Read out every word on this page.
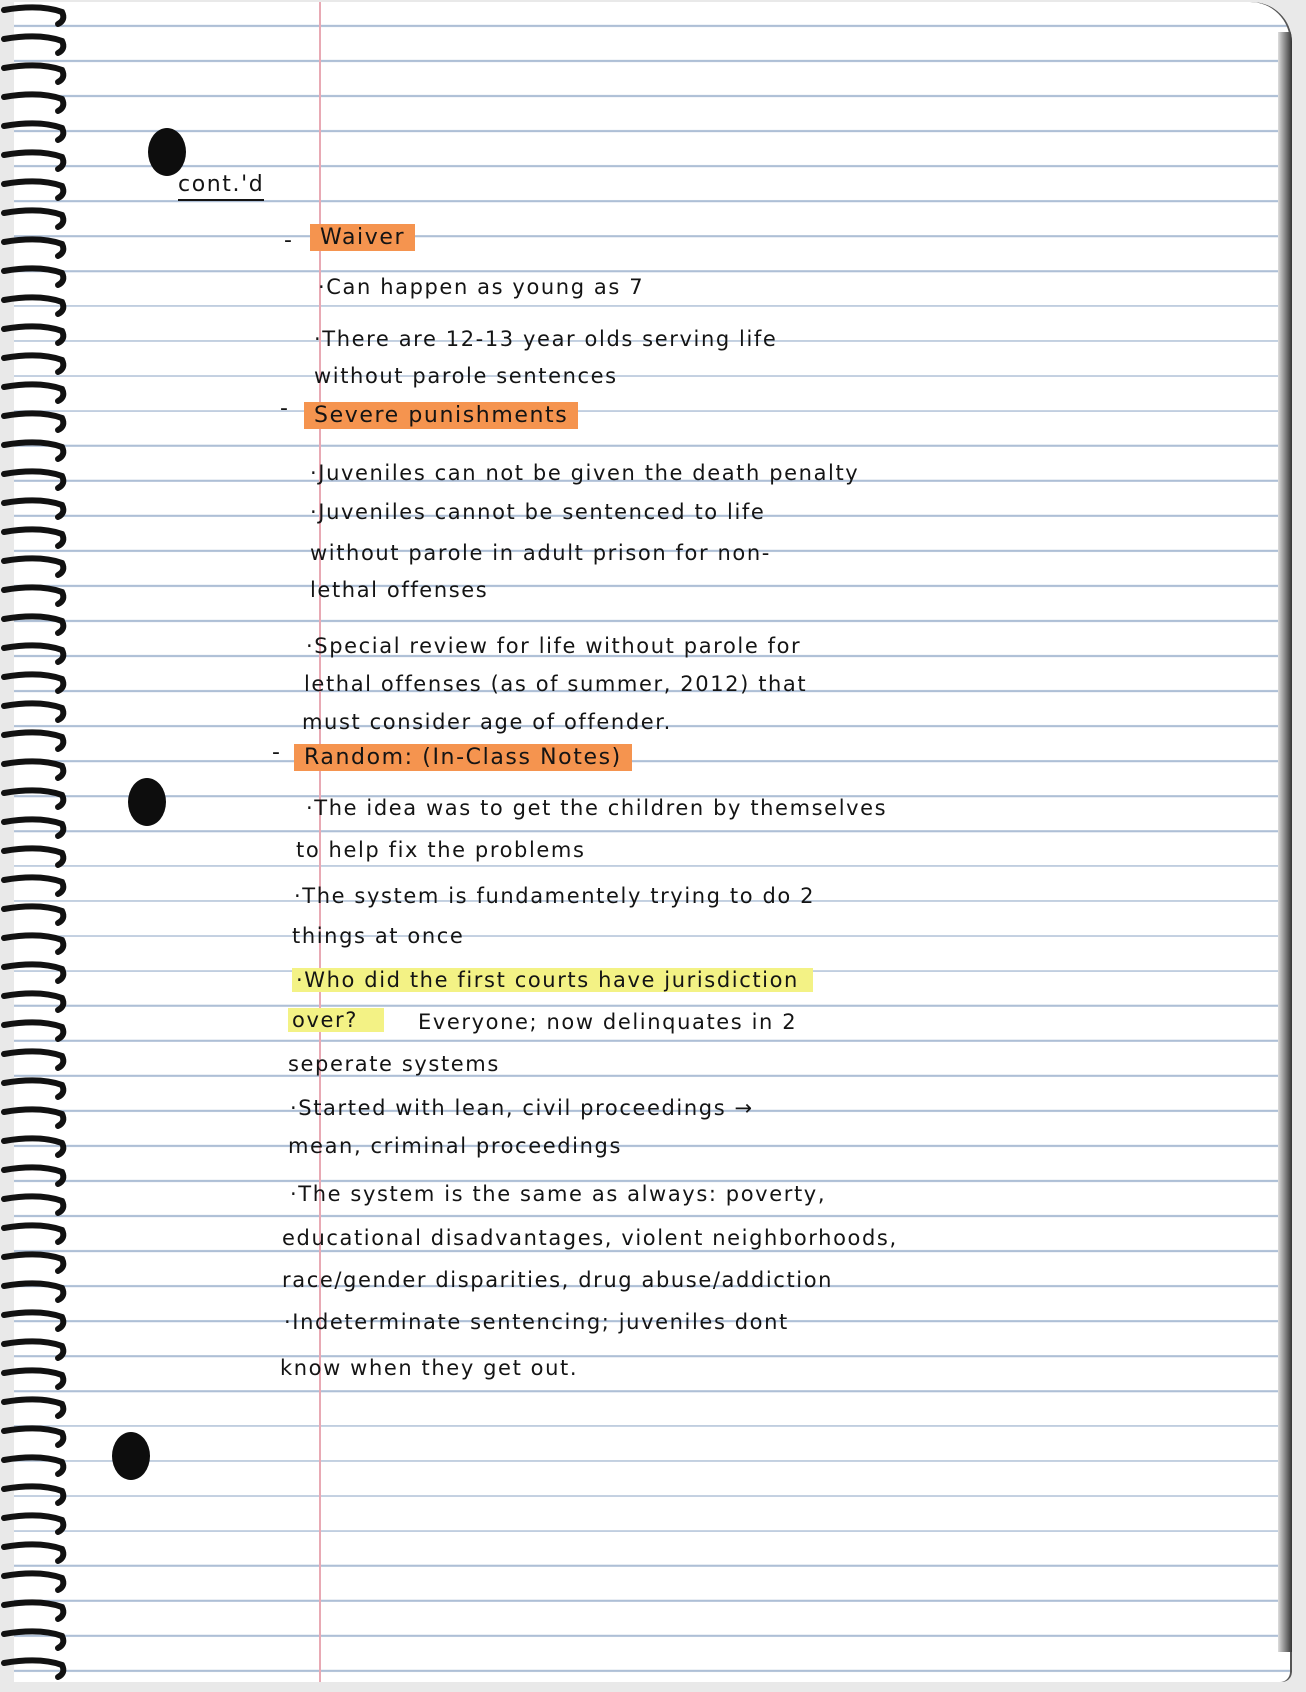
cont.'d
-	Waiver
·Can happen as young as 7
·There are 12-13 year olds serving life
without parole sentences
-	Severe punishments
·Juveniles can not be given the death penalty
·Juveniles cannot be sentenced to life
without parole in adult prison for non-
lethal offenses
·Special review for life without parole for
lethal offenses (as of summer, 2012) that
must consider age of offender.
-	Random: (In-Class Notes)
·The idea was to get the children by themselves
to help fix the problems
·The system is fundamentely trying to do 2
things at once
·Who did the first courts have jurisdiction
over?	Everyone; now delinquates in 2
seperate systems
·Started with lean, civil proceedings →
mean, criminal proceedings
·The system is the same as always: poverty,
educational disadvantages, violent neighborhoods,
race/gender disparities, drug abuse/addiction
·Indeterminate sentencing; juveniles dont
know when they get out.
